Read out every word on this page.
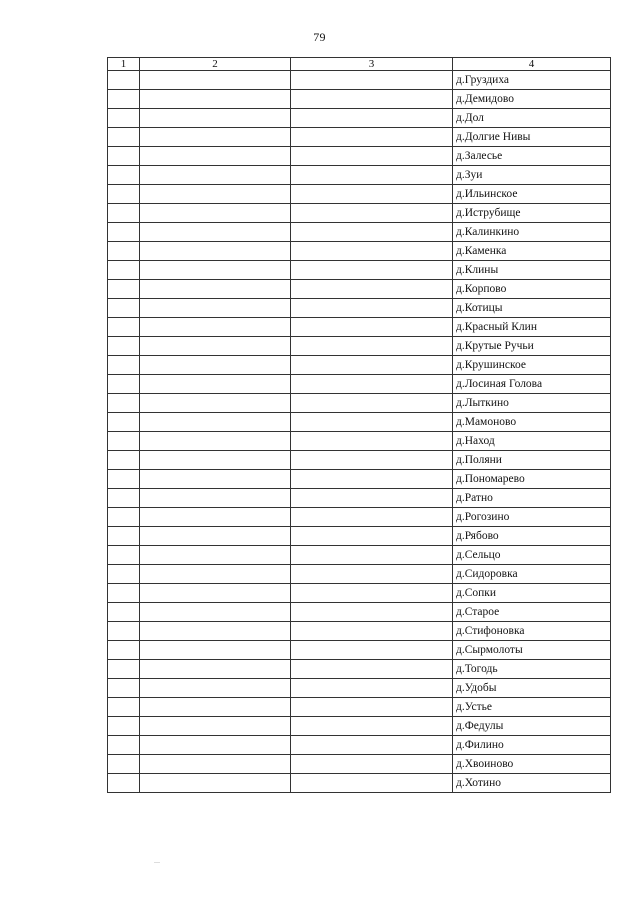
79
1	2	3	4
			д.Груздиха
			д.Демидово
			д.Дол
			д.Долгие Нивы
			д.Залесье
			д.Зуи
			д.Ильинское
			д.Иструбище
			д.Калинкино
			д.Каменка
			д.Клины
			д.Корпово
			д.Котицы
			д.Красный Клин
			д.Крутые Ручьи
			д.Крушинское
			д.Лосиная Голова
			д.Лыткино
			д.Мамоново
			д.Наход
			д.Поляни
			д.Пономарево
			д.Ратно
			д.Рогозино
			д.Рябово
			д.Сельцо
			д.Сидоровка
			д.Сопки
			д.Старое
			д.Стифоновка
			д.Сырмолоты
			д.Тогодь
			д.Удобы
			д.Устье
			д.Федулы
			д.Филино
			д.Хвоиново
			д.Хотино
